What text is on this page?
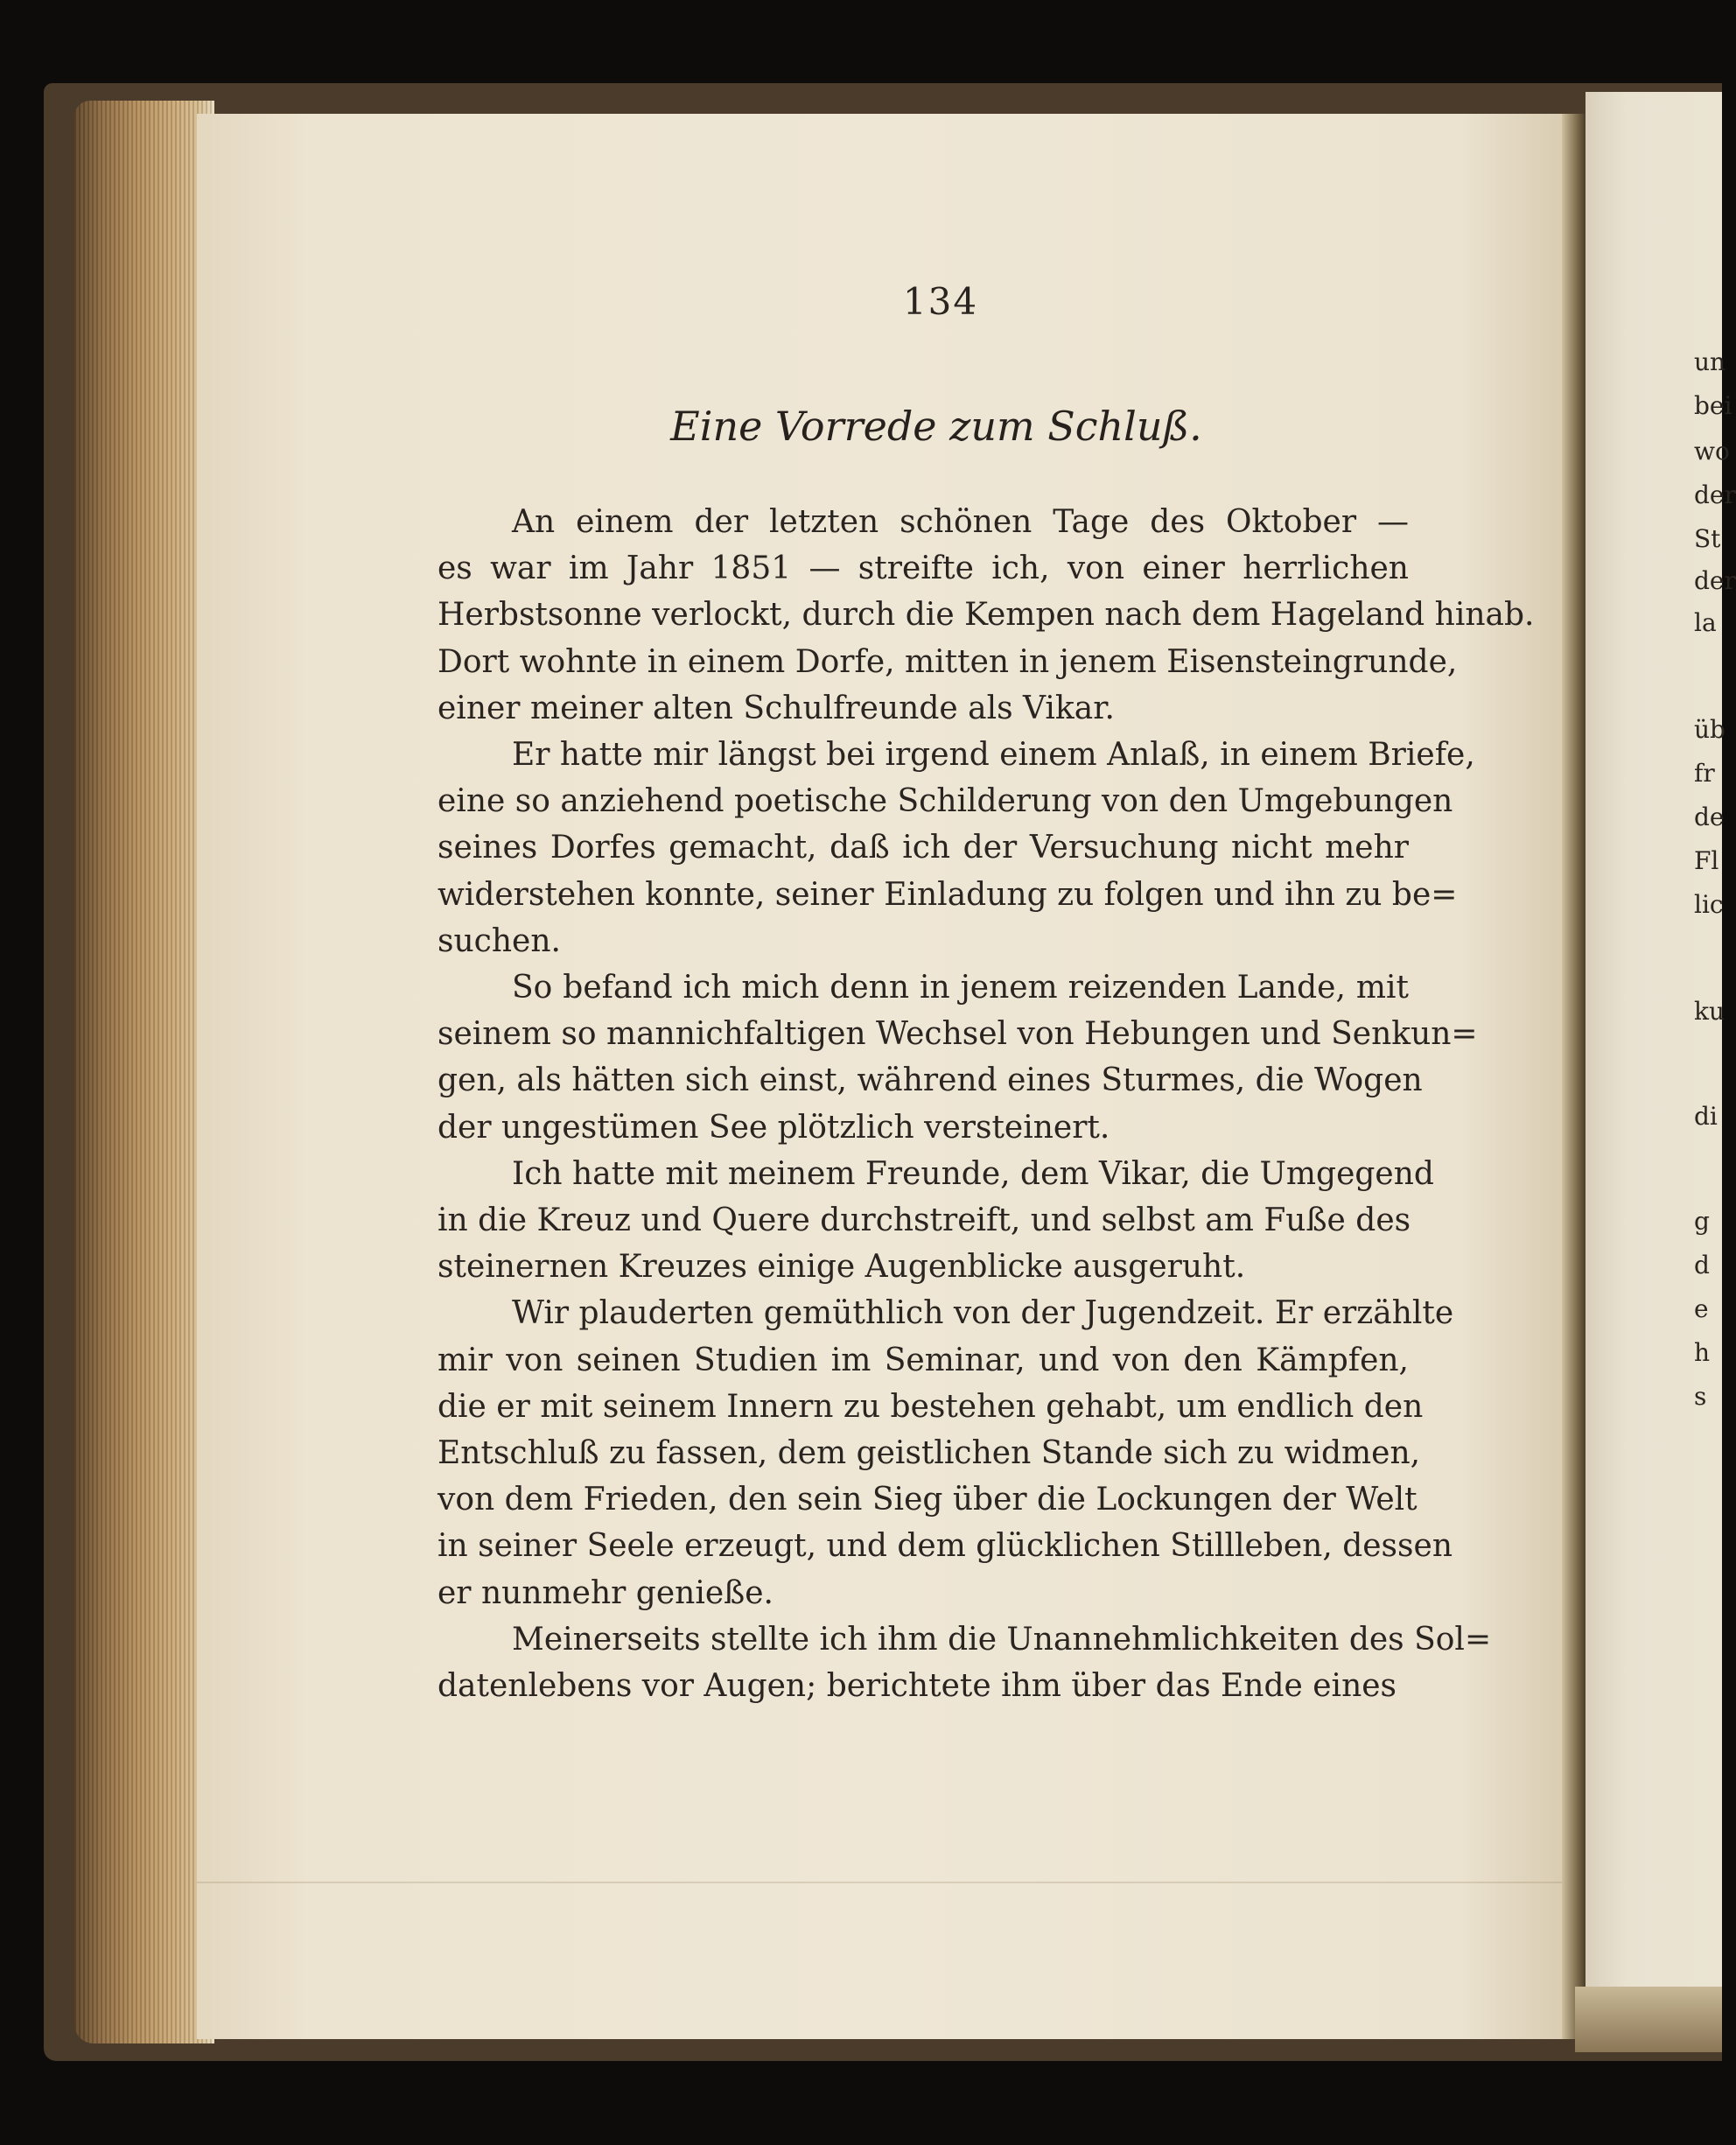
un
bei
wo
der
St
der
la
üb
fr
de
Fl
lic
ku
di
g
d
e
h
s
134
Eine Vorrede zum Schluß.
An einem der letzten schönen Tage des Oktober —
es war im Jahr 1851 — streifte ich, von einer herrlichen
Herbstsonne verlockt, durch die Kempen nach dem Hageland hinab.
Dort wohnte in einem Dorfe, mitten in jenem Eisensteingrunde,
einer meiner alten Schulfreunde als Vikar.
Er hatte mir längst bei irgend einem Anlaß, in einem Briefe,
eine so anziehend poetische Schilderung von den Umgebungen
seines Dorfes gemacht, daß ich der Versuchung nicht mehr
widerstehen konnte, seiner Einladung zu folgen und ihn zu be=
suchen.
So befand ich mich denn in jenem reizenden Lande, mit
seinem so mannichfaltigen Wechsel von Hebungen und Senkun=
gen, als hätten sich einst, während eines Sturmes, die Wogen
der ungestümen See plötzlich versteinert.
Ich hatte mit meinem Freunde, dem Vikar, die Umgegend
in die Kreuz und Quere durchstreift, und selbst am Fuße des
steinernen Kreuzes einige Augenblicke ausgeruht.
Wir plauderten gemüthlich von der Jugendzeit. Er erzählte
mir von seinen Studien im Seminar, und von den Kämpfen,
die er mit seinem Innern zu bestehen gehabt, um endlich den
Entschluß zu fassen, dem geistlichen Stande sich zu widmen,
von dem Frieden, den sein Sieg über die Lockungen der Welt
in seiner Seele erzeugt, und dem glücklichen Stillleben, dessen
er nunmehr genieße.
Meinerseits stellte ich ihm die Unannehmlichkeiten des Sol=
datenlebens vor Augen; berichtete ihm über das Ende eines
